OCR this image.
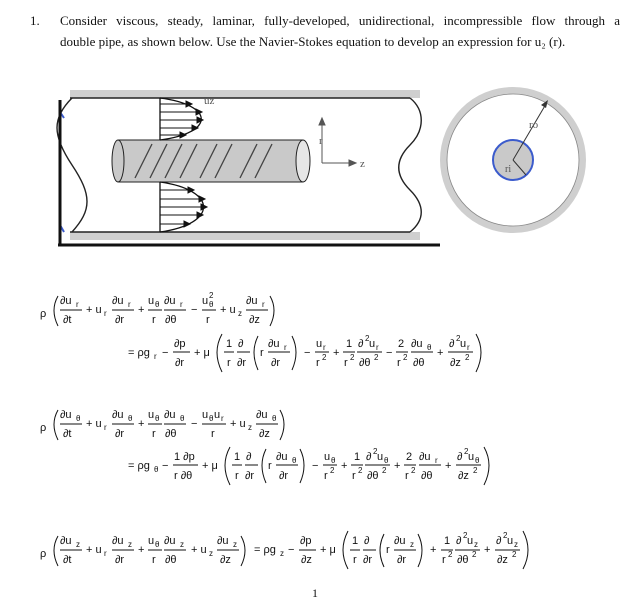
1. Consider viscous, steady, laminar, fully-developed, unidirectional, incompressible flow through a
double pipe, as shown below. Use the Navier-Stokes equation to develop an expression for u₂ (r).
uz
r
z
ro
ri
ρ
∂u r
∂t
+ u r
∂u r
∂r
+
u θ
r
∂u r
∂θ
−
u 2
θ
r
+ u z
∂u r
∂z
= ρg r −
∂p
∂r
+ μ
1
r
∂
∂r
r
∂u r
∂r
−
u r
r 2 +
1
r 2
∂ 2 u r
∂θ 2 −
2
r 2
∂u θ
∂θ
+
∂ 2 u r
∂z 2
ρ
∂u θ
∂t
+ u r
∂u θ
∂r
+
u θ
r
∂u θ
∂θ
−
u θ u r
r
+ u z
∂u θ
∂z
= ρg θ −
1 ∂p
r ∂θ
+ μ
1
r
∂
∂r
r
∂u θ
∂r
−
u θ
r 2 +
1
r 2
∂ 2 u θ
∂θ 2 +
2
r 2
∂u r
∂θ
+
∂ 2 u θ
∂z 2
ρ
∂u z
∂t
+ u r
∂u z
∂r
+
u θ
r
∂u z
∂θ
+ u z
∂u z
∂z
= ρg z −
∂p
∂z
+ μ
1
r
∂
∂r
r
∂u z
∂r
+
1
r 2
∂ 2 u z
∂θ 2 +
∂ 2 u z
∂z 2
1
